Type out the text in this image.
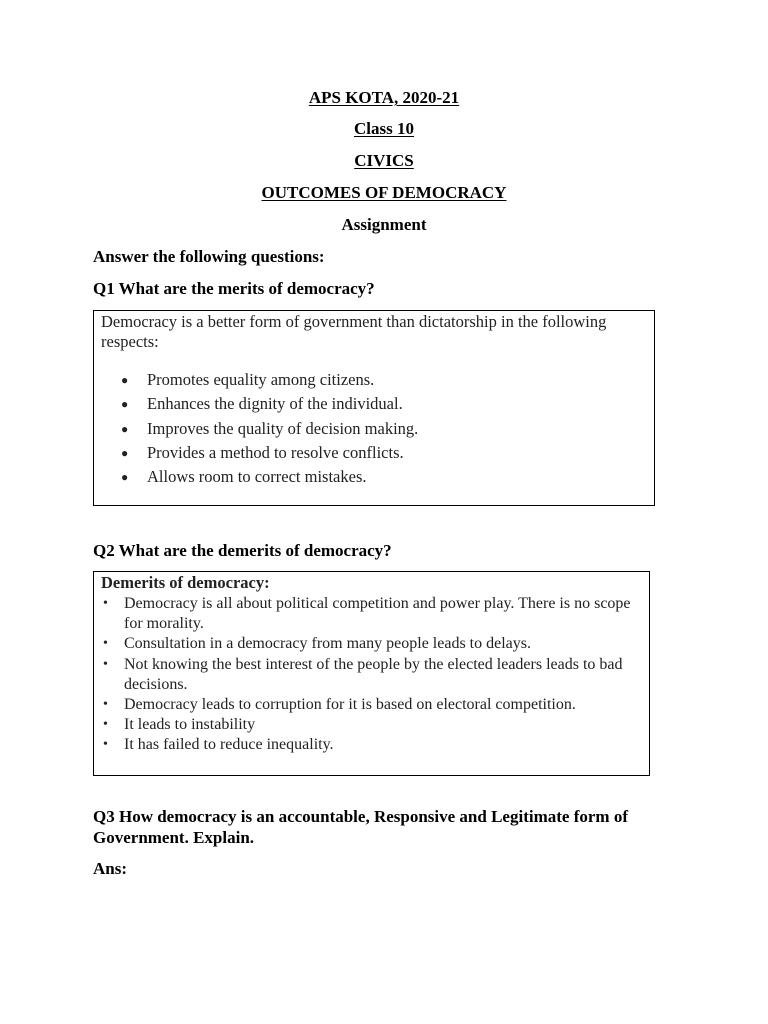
APS KOTA, 2020-21
Class 10
CIVICS
OUTCOMES OF DEMOCRACY
Assignment

Answer the following questions:

Q1 What are the merits of democracy?

Democracy is a better form of government than dictatorship in the following respects:
● Promotes equality among citizens.
● Enhances the dignity of the individual.
● Improves the quality of decision making.
● Provides a method to resolve conflicts.
● Allows room to correct mistakes.

Q2 What are the demerits of democracy?

Demerits of democracy:
• Democracy is all about political competition and power play. There is no scope for morality.
• Consultation in a democracy from many people leads to delays.
• Not knowing the best interest of the people by the elected leaders leads to bad decisions.
• Democracy leads to corruption for it is based on electoral competition.
• It leads to instability
• It has failed to reduce inequality.

Q3 How democracy is an accountable, Responsive and Legitimate form of Government. Explain.

Ans:
